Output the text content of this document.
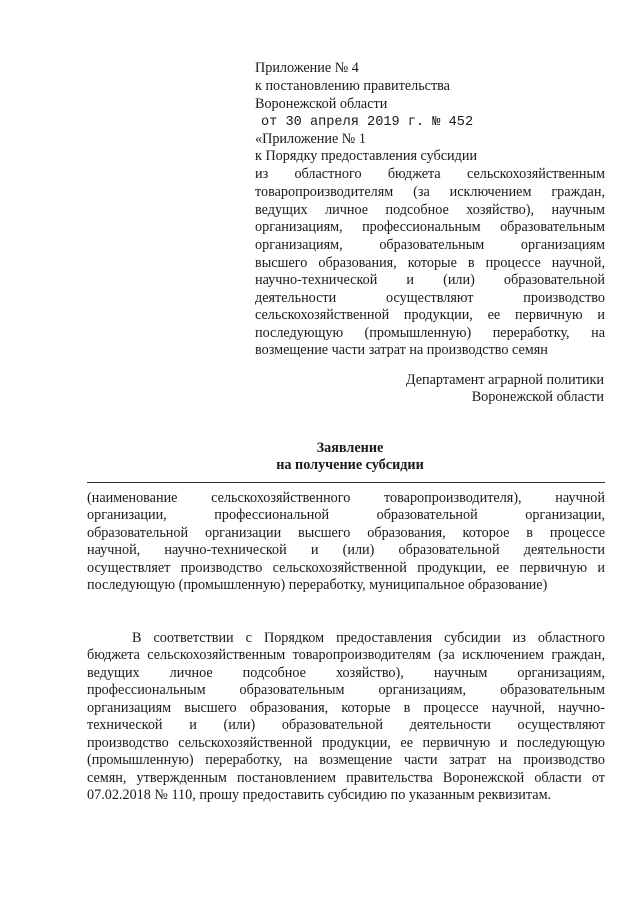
Приложение № 4
к постановлению правительства
Воронежской области
от 30 апреля 2019 г. № 452
«Приложение № 1
к Порядку предоставления субсидии
из областного бюджета сельскохозяйственным
товаропроизводителям (за исключением граждан,
ведущих личное подсобное хозяйство), научным
организациям, профессиональным образовательным
организациям, образовательным организациям
высшего образования, которые в процессе научной,
научно-технической и (или) образовательной
деятельности осуществляют производство
сельскохозяйственной продукции, ее первичную и
последующую (промышленную) переработку, на
возмещение части затрат на производство семян
Департамент аграрной политики
Воронежской области
Заявление
на получение субсидии
(наименование сельскохозяйственного товаропроизводителя), научной
организации, профессиональной образовательной организации,
образовательной организации высшего образования, которое в процессе
научной, научно-технической и (или) образовательной деятельности
осуществляет производство сельскохозяйственной продукции, ее первичную и
последующую (промышленную) переработку, муниципальное образование)
В соответствии с Порядком предоставления субсидии из областного
бюджета сельскохозяйственным товаропроизводителям (за исключением граждан,
ведущих личное подсобное хозяйство), научным организациям,
профессиональным образовательным организациям, образовательным
организациям высшего образования, которые в процессе научной, научно-
технической и (или) образовательной деятельности осуществляют
производство сельскохозяйственной продукции, ее первичную и последующую
(промышленную) переработку, на возмещение части затрат на производство
семян, утвержденным постановлением правительства Воронежской области от
07.02.2018 № 110, прошу предоставить субсидию по указанным реквизитам.
